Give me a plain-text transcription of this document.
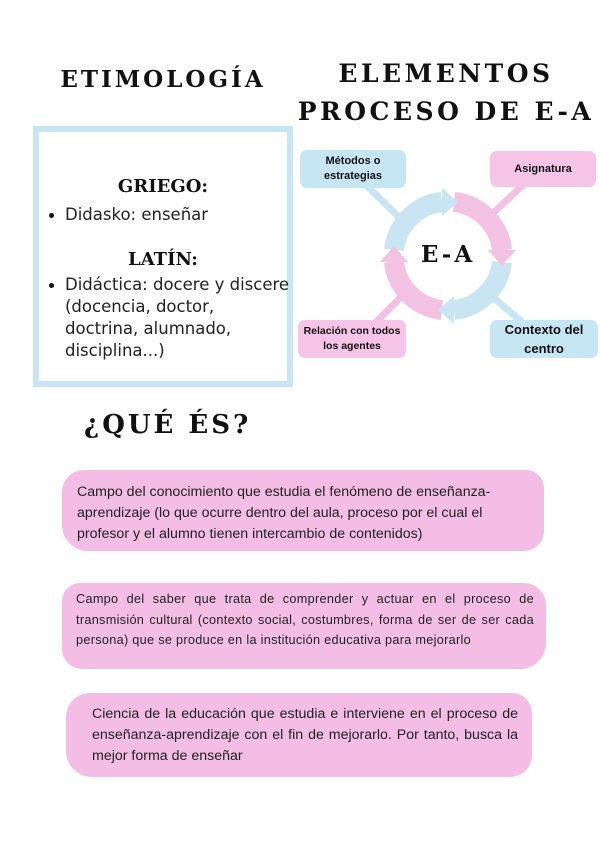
ETIMOLOGÍA	ELEMENTOS
PROCESO DE E-A
GRIEGO:
Didasko: enseñar
LATÍN:
Didáctica: docere y discere (docencia, doctor, doctrina, alumnado, disciplina...)
E-A
Métodos o estrategias
Asignatura
Relación con todos los agentes
Contexto del centro
¿QUÉ ÉS?
Campo del conocimiento que estudia el fenómeno de enseñanza-aprendizaje (lo que ocurre dentro del aula, proceso por el cual el profesor y el alumno tienen intercambio de contenidos)
Campo del saber que trata de comprender y actuar en el proceso de transmisión cultural (contexto social, costumbres, forma de ser de ser cada persona) que se produce en la institución educativa para mejorarlo
Ciencia de la educación que estudia e interviene en el proceso de enseñanza-aprendizaje con el fin de mejorarlo. Por tanto, busca la mejor forma de enseñar
